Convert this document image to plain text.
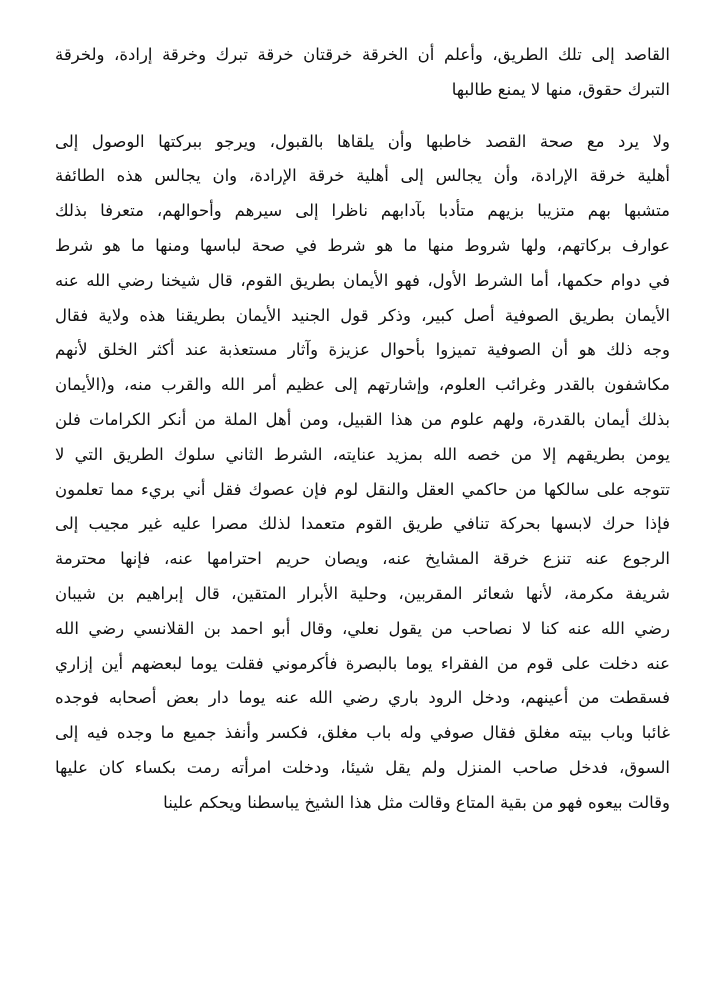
القاصد إلى تلك الطريق، وأعلم أن الخرقة خرقتان خرقة تبرك وخرقة إرادة، ولخرقة
التبرك حقوق، منها لا يمنع طالبها
ولا يرد مع صحة القصد خاطبها وأن يلقاها بالقبول، ويرجو ببركتها الوصول إلى
أهلية خرقة الإرادة، وأن يجالس إلى أهلية خرقة الإرادة، وان يجالس هذه الطائفة
متشبها بهم متزيبا بزيهم متأدبا بآدابهم ناظرا إلى سيرهم وأحوالهم، متعرفا بذلك
عوارف بركاتهم، ولها شروط منها ما هو شرط في صحة لباسها ومنها ما هو شرط
في دوام حكمها، أما الشرط الأول، فهو الأيمان بطريق القوم، قال شيخنا رضي الله عنه
الأيمان بطريق الصوفية أصل كبير، وذكر قول الجنيد الأيمان بطريقنا هذه ولاية فقال
وجه ذلك هو أن الصوفية تميزوا بأحوال عزيزة وآثار مستعذبة عند أكثر الخلق لأنهم
مكاشفون بالقدر وغرائب العلوم، وإشارتهم إلى عظيم أمر الله والقرب منه، و(الأيمان
بذلك أيمان بالقدرة، ولهم علوم من هذا القبيل، ومن أهل الملة من أنكر الكرامات فلن
يومن بطريقهم إلا من خصه الله بمزيد عنايته، الشرط الثاني سلوك الطريق التي لا
تتوجه على سالكها من حاكمي العقل والنقل لوم فإن عصوك فقل أني بريء مما تعلمون
فإذا حرك لابسها بحركة تنافي طريق القوم متعمدا لذلك مصرا عليه غير مجيب إلى
الرجوع عنه تنزع خرقة المشايخ عنه، ويصان حريم احترامها عنه، فإنها محترمة
شريفة مكرمة، لأنها شعائر المقربين، وحلية الأبرار المتقين، قال إبراهيم بن شيبان
رضي الله عنه كنا لا نصاحب من يقول نعلي، وقال أبو احمد بن القلانسي رضي الله
عنه دخلت على قوم من الفقراء يوما بالبصرة فأكرموني فقلت يوما لبعضهم أين إزاري
فسقطت من أعينهم، ودخل الرود باري رضي الله عنه يوما دار بعض أصحابه فوجده
غائبا وباب بيته مغلق فقال صوفي وله باب مغلق، فكسر وأنفذ جميع ما وجده فيه إلى
السوق، فدخل صاحب المنزل ولم يقل شيئا، ودخلت امرأته رمت بكساء كان عليها
وقالت بيعوه فهو من بقية المتاع وقالت مثل هذا الشيخ يباسطنا ويحكم علينا
